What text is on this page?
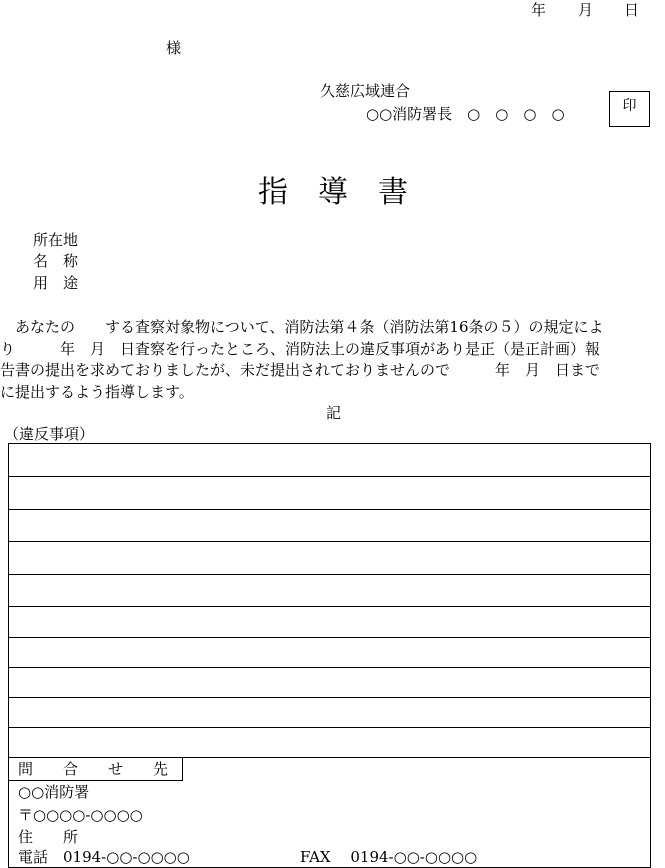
年 月 日
様
久慈広域連合
○○消防署長　○　○　○　○	印
指　導　書
所在地
名　称
用　途
　あなたの　　する査察対象物について、消防法第４条（消防法第16条の５）の規定によ
り　　　年　月　日査察を行ったところ、消防法上の違反事項があり是正（是正計画）報
告書の提出を求めておりましたが、未だ提出されておりませんので　　　年　月　日まで
に提出するよう指導します。
記
（違反事項）
問　　合　　せ　　先
○○消防署
〒○○○○-○○○○
住　　所
電話　0194-○○-○○○○	FAX　 0194-○○-○○○○
